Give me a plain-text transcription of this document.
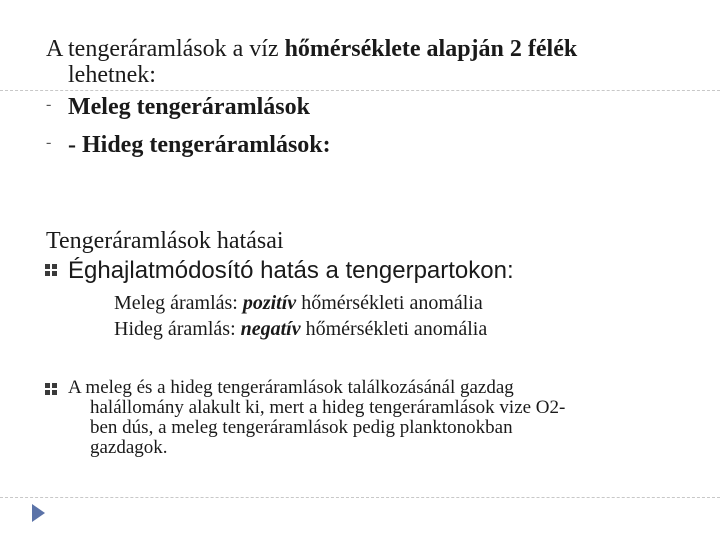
A tengeráramlások a víz hőmérséklete alapján 2 félék
lehetnek:
- Meleg tengeráramlások
- - Hideg tengeráramlások:
Tengeráramlások hatásai
Éghajlatmódosító hatás a tengerpartokon:
Meleg áramlás: pozitív hőmérsékleti anomália
Hideg áramlás: negatív hőmérsékleti anomália
A meleg és a hideg tengeráramlások találkozásánál gazdag
halállomány alakult ki, mert a hideg tengeráramlások vize O2-
ben dús, a meleg tengeráramlások pedig planktonokban
gazdagok.
